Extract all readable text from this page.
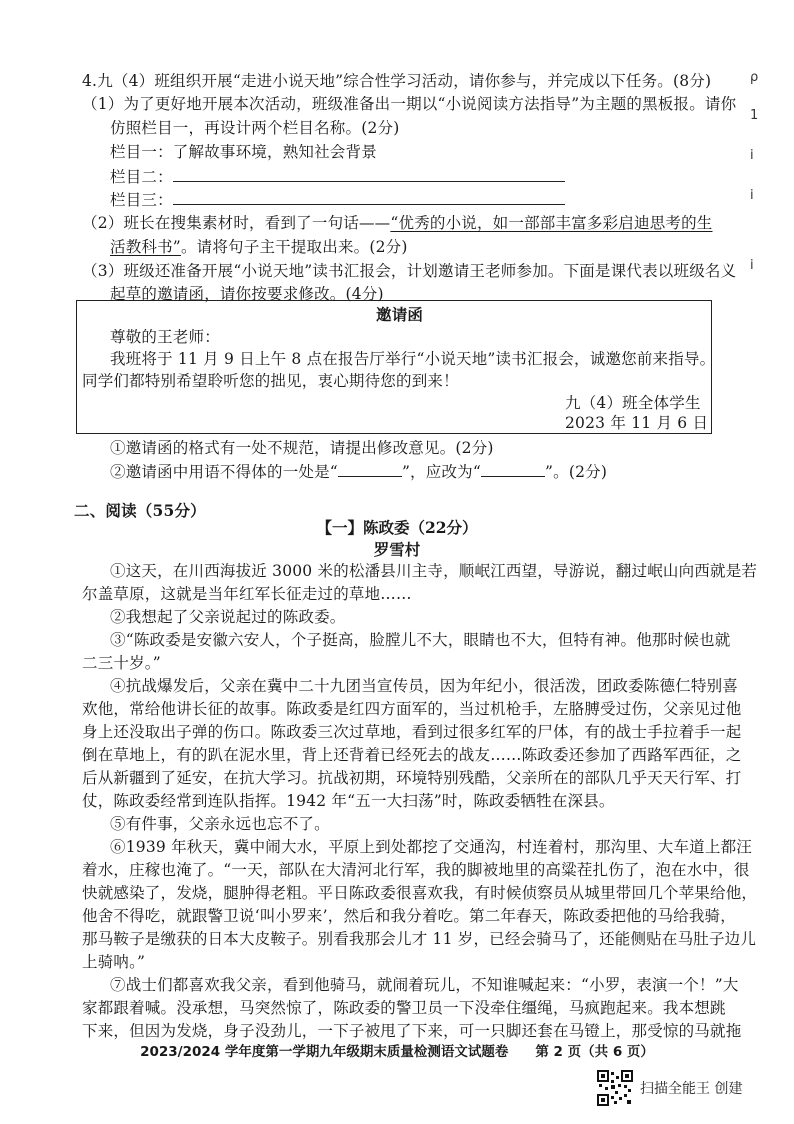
4.九（4）班组织开展“走进小说天地”综合性学习活动，请你参与，并完成以下任务。(8分)
（1）为了更好地开展本次活动，班级准备出一期以“小说阅读方法指导”为主题的黑板报。请你
仿照栏目一，再设计两个栏目名称。(2分)
栏目一：了解故事环境，熟知社会背景
栏目二：
栏目三：
（2）班长在搜集素材时，看到了一句话——“优秀的小说，如一部部丰富多彩启迪思考的生
活教科书”。请将句子主干提取出来。(2分)
（3）班级还准备开展“小说天地”读书汇报会，计划邀请王老师参加。下面是课代表以班级名义
起草的邀请函，请你按要求修改。(4分)
邀请函
尊敬的王老师：
我班将于 11 月 9 日上午 8 点在报告厅举行“小说天地”读书汇报会，诚邀您前来指导。
同学们都特别希望聆听您的拙见，衷心期待您的到来！
九（4）班全体学生
2023 年 11 月 6 日
①邀请函的格式有一处不规范，请提出修改意见。(2分)
②邀请函中用语不得体的一处是“	”，应改为“	”。(2分)
二、阅读（55分）
【一】陈政委（22分）
罗雪村
①这天，在川西海拔近 3000 米的松潘县川主寺，顺岷江西望，导游说，翻过岷山向西就是若
尔盖草原，这就是当年红军长征走过的草地……
②我想起了父亲说起过的陈政委。
③“陈政委是安徽六安人，个子挺高，脸膛儿不大，眼睛也不大，但特有神。他那时候也就
二三十岁。”
④抗战爆发后，父亲在冀中二十九团当宣传员，因为年纪小，很活泼，团政委陈德仁特别喜
欢他，常给他讲长征的故事。陈政委是红四方面军的，当过机枪手，左胳膊受过伤，父亲见过他
身上还没取出子弹的伤口。陈政委三次过草地，看到过很多红军的尸体，有的战士手拉着手一起
倒在草地上，有的趴在泥水里，背上还背着已经死去的战友……陈政委还参加了西路军西征，之
后从新疆到了延安，在抗大学习。抗战初期，环境特别残酷，父亲所在的部队几乎天天行军、打
仗，陈政委经常到连队指挥。1942 年“五一大扫荡”时，陈政委牺牲在深县。
⑤有件事，父亲永远也忘不了。
⑥1939 年秋天，冀中闹大水，平原上到处都挖了交通沟，村连着村，那沟里、大车道上都汪
着水，庄稼也淹了。“一天，部队在大清河北行军，我的脚被地里的高粱茬扎伤了，泡在水中，很
快就感染了，发烧，腿肿得老粗。平日陈政委很喜欢我，有时候侦察员从城里带回几个苹果给他，
他舍不得吃，就跟警卫说‘叫小罗来’，然后和我分着吃。第二年春天，陈政委把他的马给我骑，
那马鞍子是缴获的日本大皮鞍子。别看我那会儿才 11 岁，已经会骑马了，还能侧贴在马肚子边儿
上骑呐。”
⑦战士们都喜欢我父亲，看到他骑马，就闹着玩儿，不知谁喊起来：“小罗，表演一个！”大
家都跟着喊。没承想，马突然惊了，陈政委的警卫员一下没牵住缰绳，马疯跑起来。我本想跳
下来，但因为发烧，身子没劲儿，一下子被甩了下来，可一只脚还套在马镫上，那受惊的马就拖
2023/2024 学年度第一学期九年级期末质量检测语文试题卷　　第 2 页（共 6 页）
ρ
1
ⅰ
ⅰ
ⅰ
扫描全能王 创建
